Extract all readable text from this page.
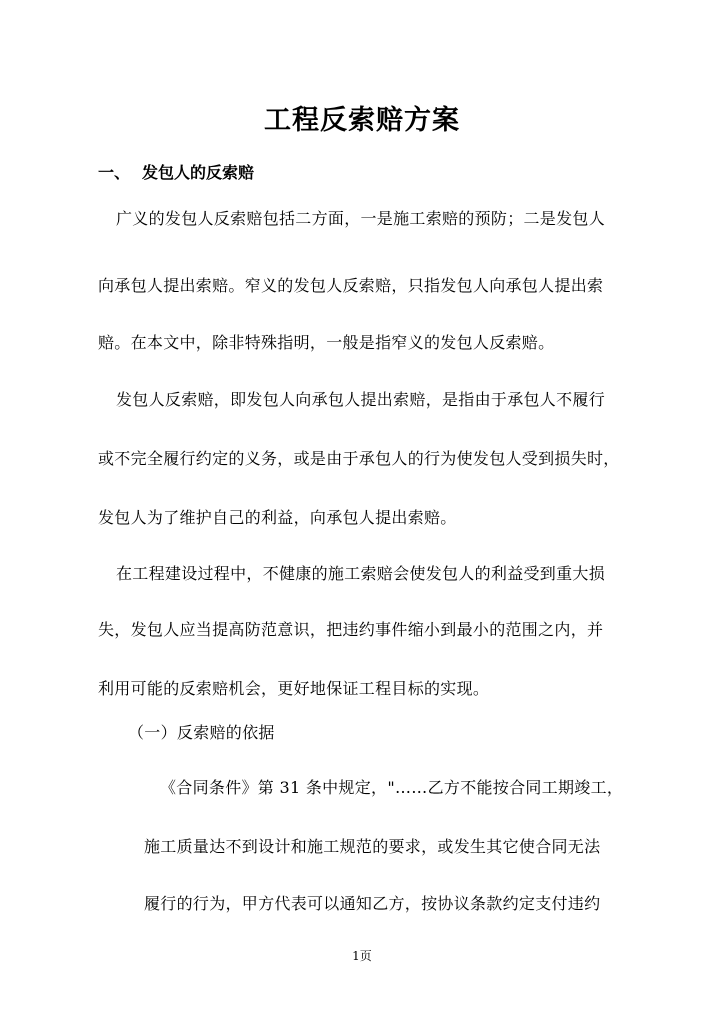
工程反索赔方案
一、 发包人的反索赔
广义的发包人反索赔包括二方面，一是施工索赔的预防；二是发包人
向承包人提出索赔。窄义的发包人反索赔，只指发包人向承包人提出索
赔。在本文中，除非特殊指明，一般是指窄义的发包人反索赔。
发包人反索赔，即发包人向承包人提出索赔，是指由于承包人不履行
或不完全履行约定的义务，或是由于承包人的行为使发包人受到损失时，
发包人为了维护自己的利益，向承包人提出索赔。
在工程建设过程中，不健康的施工索赔会使发包人的利益受到重大损
失，发包人应当提高防范意识，把违约事件缩小到最小的范围之内，并
利用可能的反索赔机会，更好地保证工程目标的实现。
（一）反索赔的依据
《合同条件》第 31 条中规定，"……乙方不能按合同工期竣工，
施工质量达不到设计和施工规范的要求，或发生其它使合同无法
履行的行为，甲方代表可以通知乙方，按协议条款约定支付违约
1页
